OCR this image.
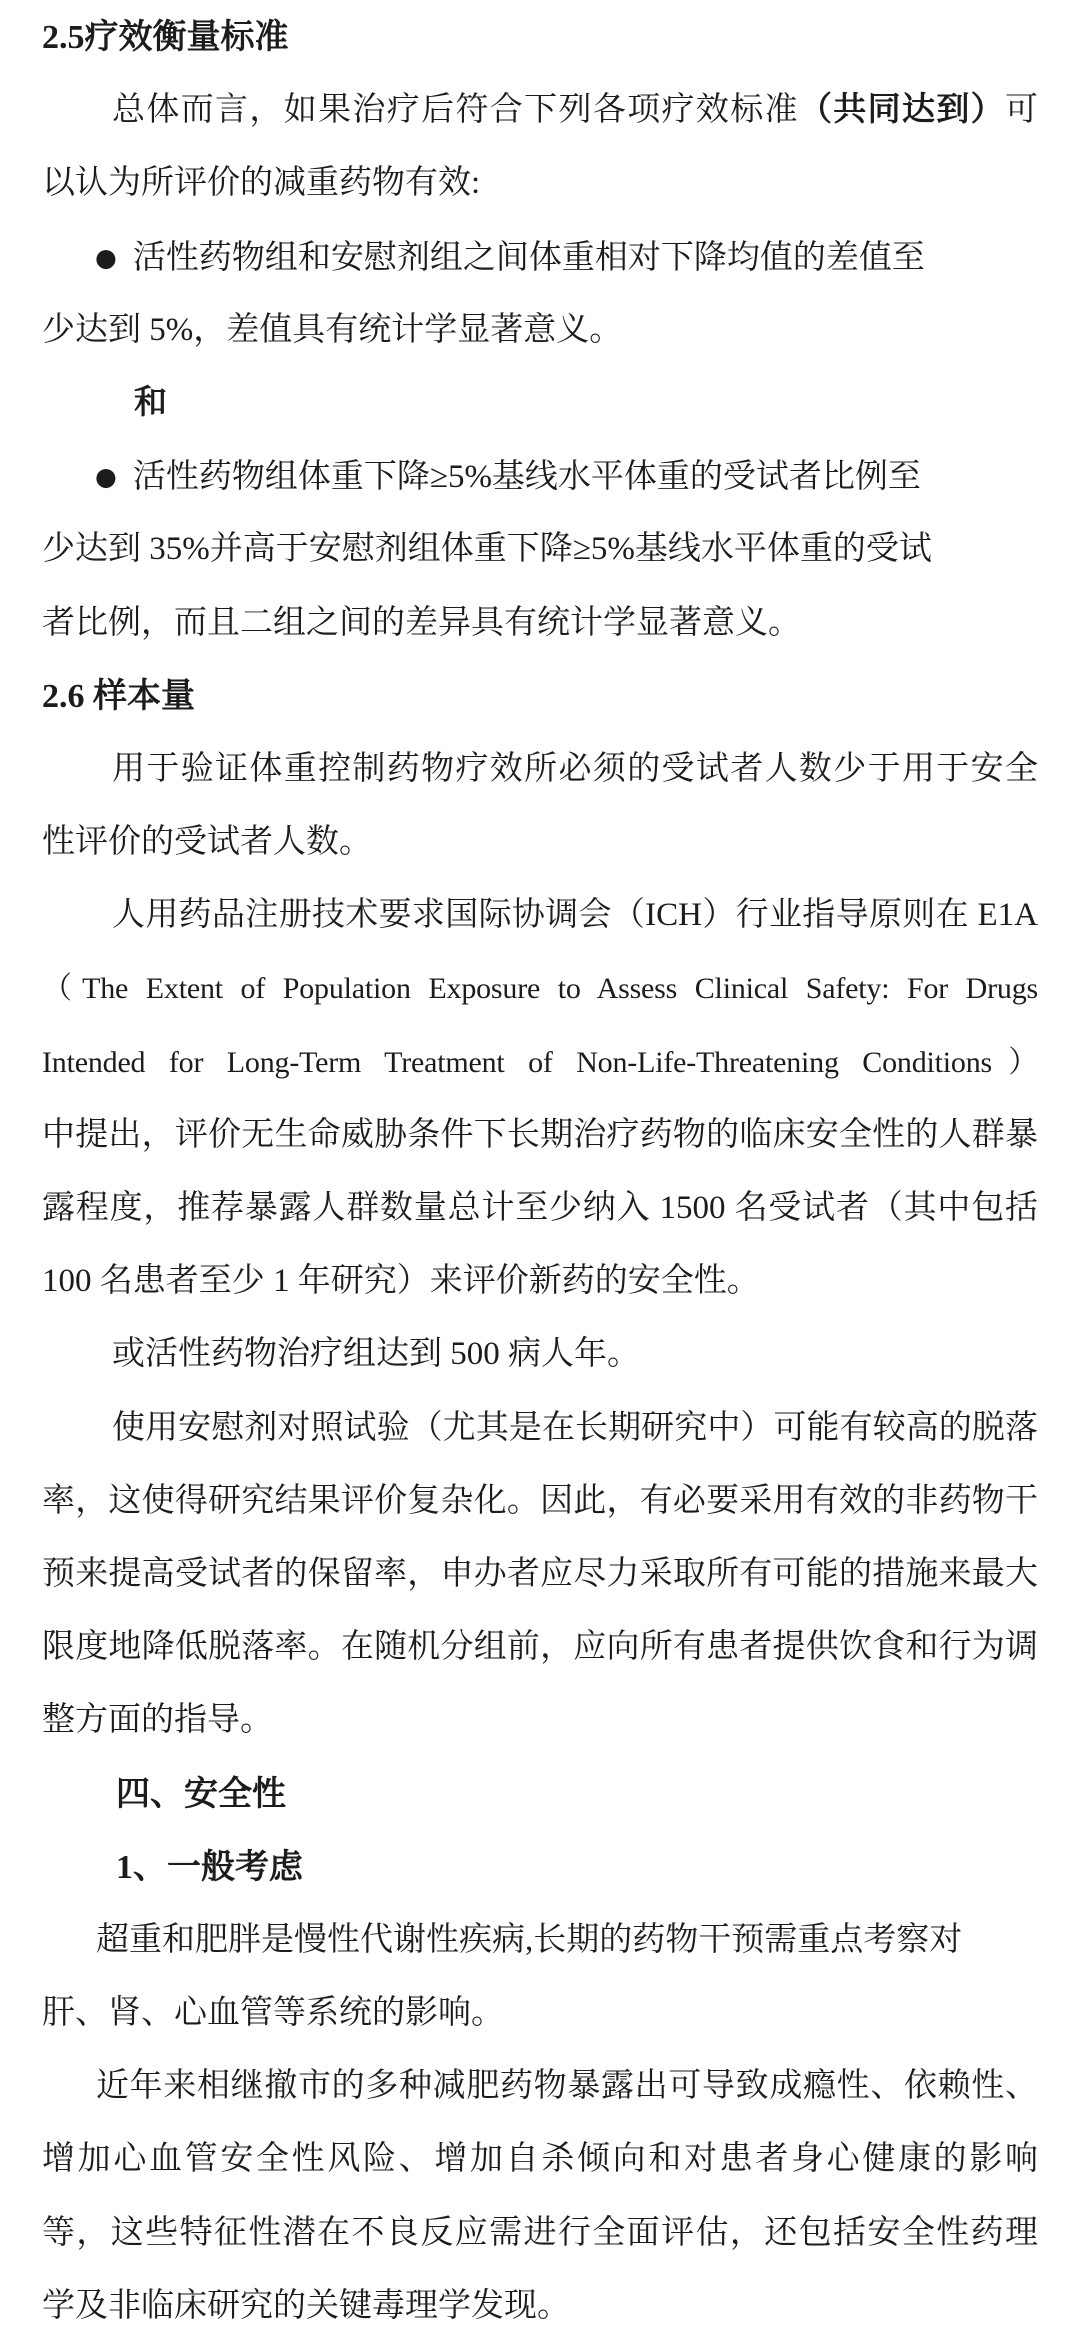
2.5疗效衡量标准
总体而言，如果治疗后符合下列各项疗效标准（共同达到）可
以认为所评价的减重药物有效:
● 活性药物组和安慰剂组之间体重相对下降均值的差值至
少达到 5%，差值具有统计学显著意义。
和
● 活性药物组体重下降≥5%基线水平体重的受试者比例至
少达到 35%并高于安慰剂组体重下降≥5%基线水平体重的受试
者比例，而且二组之间的差异具有统计学显著意义。
2.6 样本量
用于验证体重控制药物疗效所必须的受试者人数少于用于安全
性评价的受试者人数。
人用药品注册技术要求国际协调会（ICH）行业指导原则在 E1A
（The Extent of Population Exposure to Assess Clinical Safety: For Drugs
Intended for Long-Term Treatment of Non-Life-Threatening Conditions）
中提出，评价无生命威胁条件下长期治疗药物的临床安全性的人群暴
露程度，推荐暴露人群数量总计至少纳入 1500 名受试者（其中包括
100 名患者至少 1 年研究）来评价新药的安全性。
或活性药物治疗组达到 500 病人年。
使用安慰剂对照试验（尤其是在长期研究中）可能有较高的脱落
率，这使得研究结果评价复杂化。因此，有必要采用有效的非药物干
预来提高受试者的保留率，申办者应尽力采取所有可能的措施来最大
限度地降低脱落率。在随机分组前，应向所有患者提供饮食和行为调
整方面的指导。
四、安全性
1、一般考虑
超重和肥胖是慢性代谢性疾病,长期的药物干预需重点考察对
肝、肾、心血管等系统的影响。
近年来相继撤市的多种减肥药物暴露出可导致成瘾性、依赖性、
增加心血管安全性风险、增加自杀倾向和对患者身心健康的影响
等，这些特征性潜在不良反应需进行全面评估，还包括安全性药理
学及非临床研究的关键毒理学发现。
